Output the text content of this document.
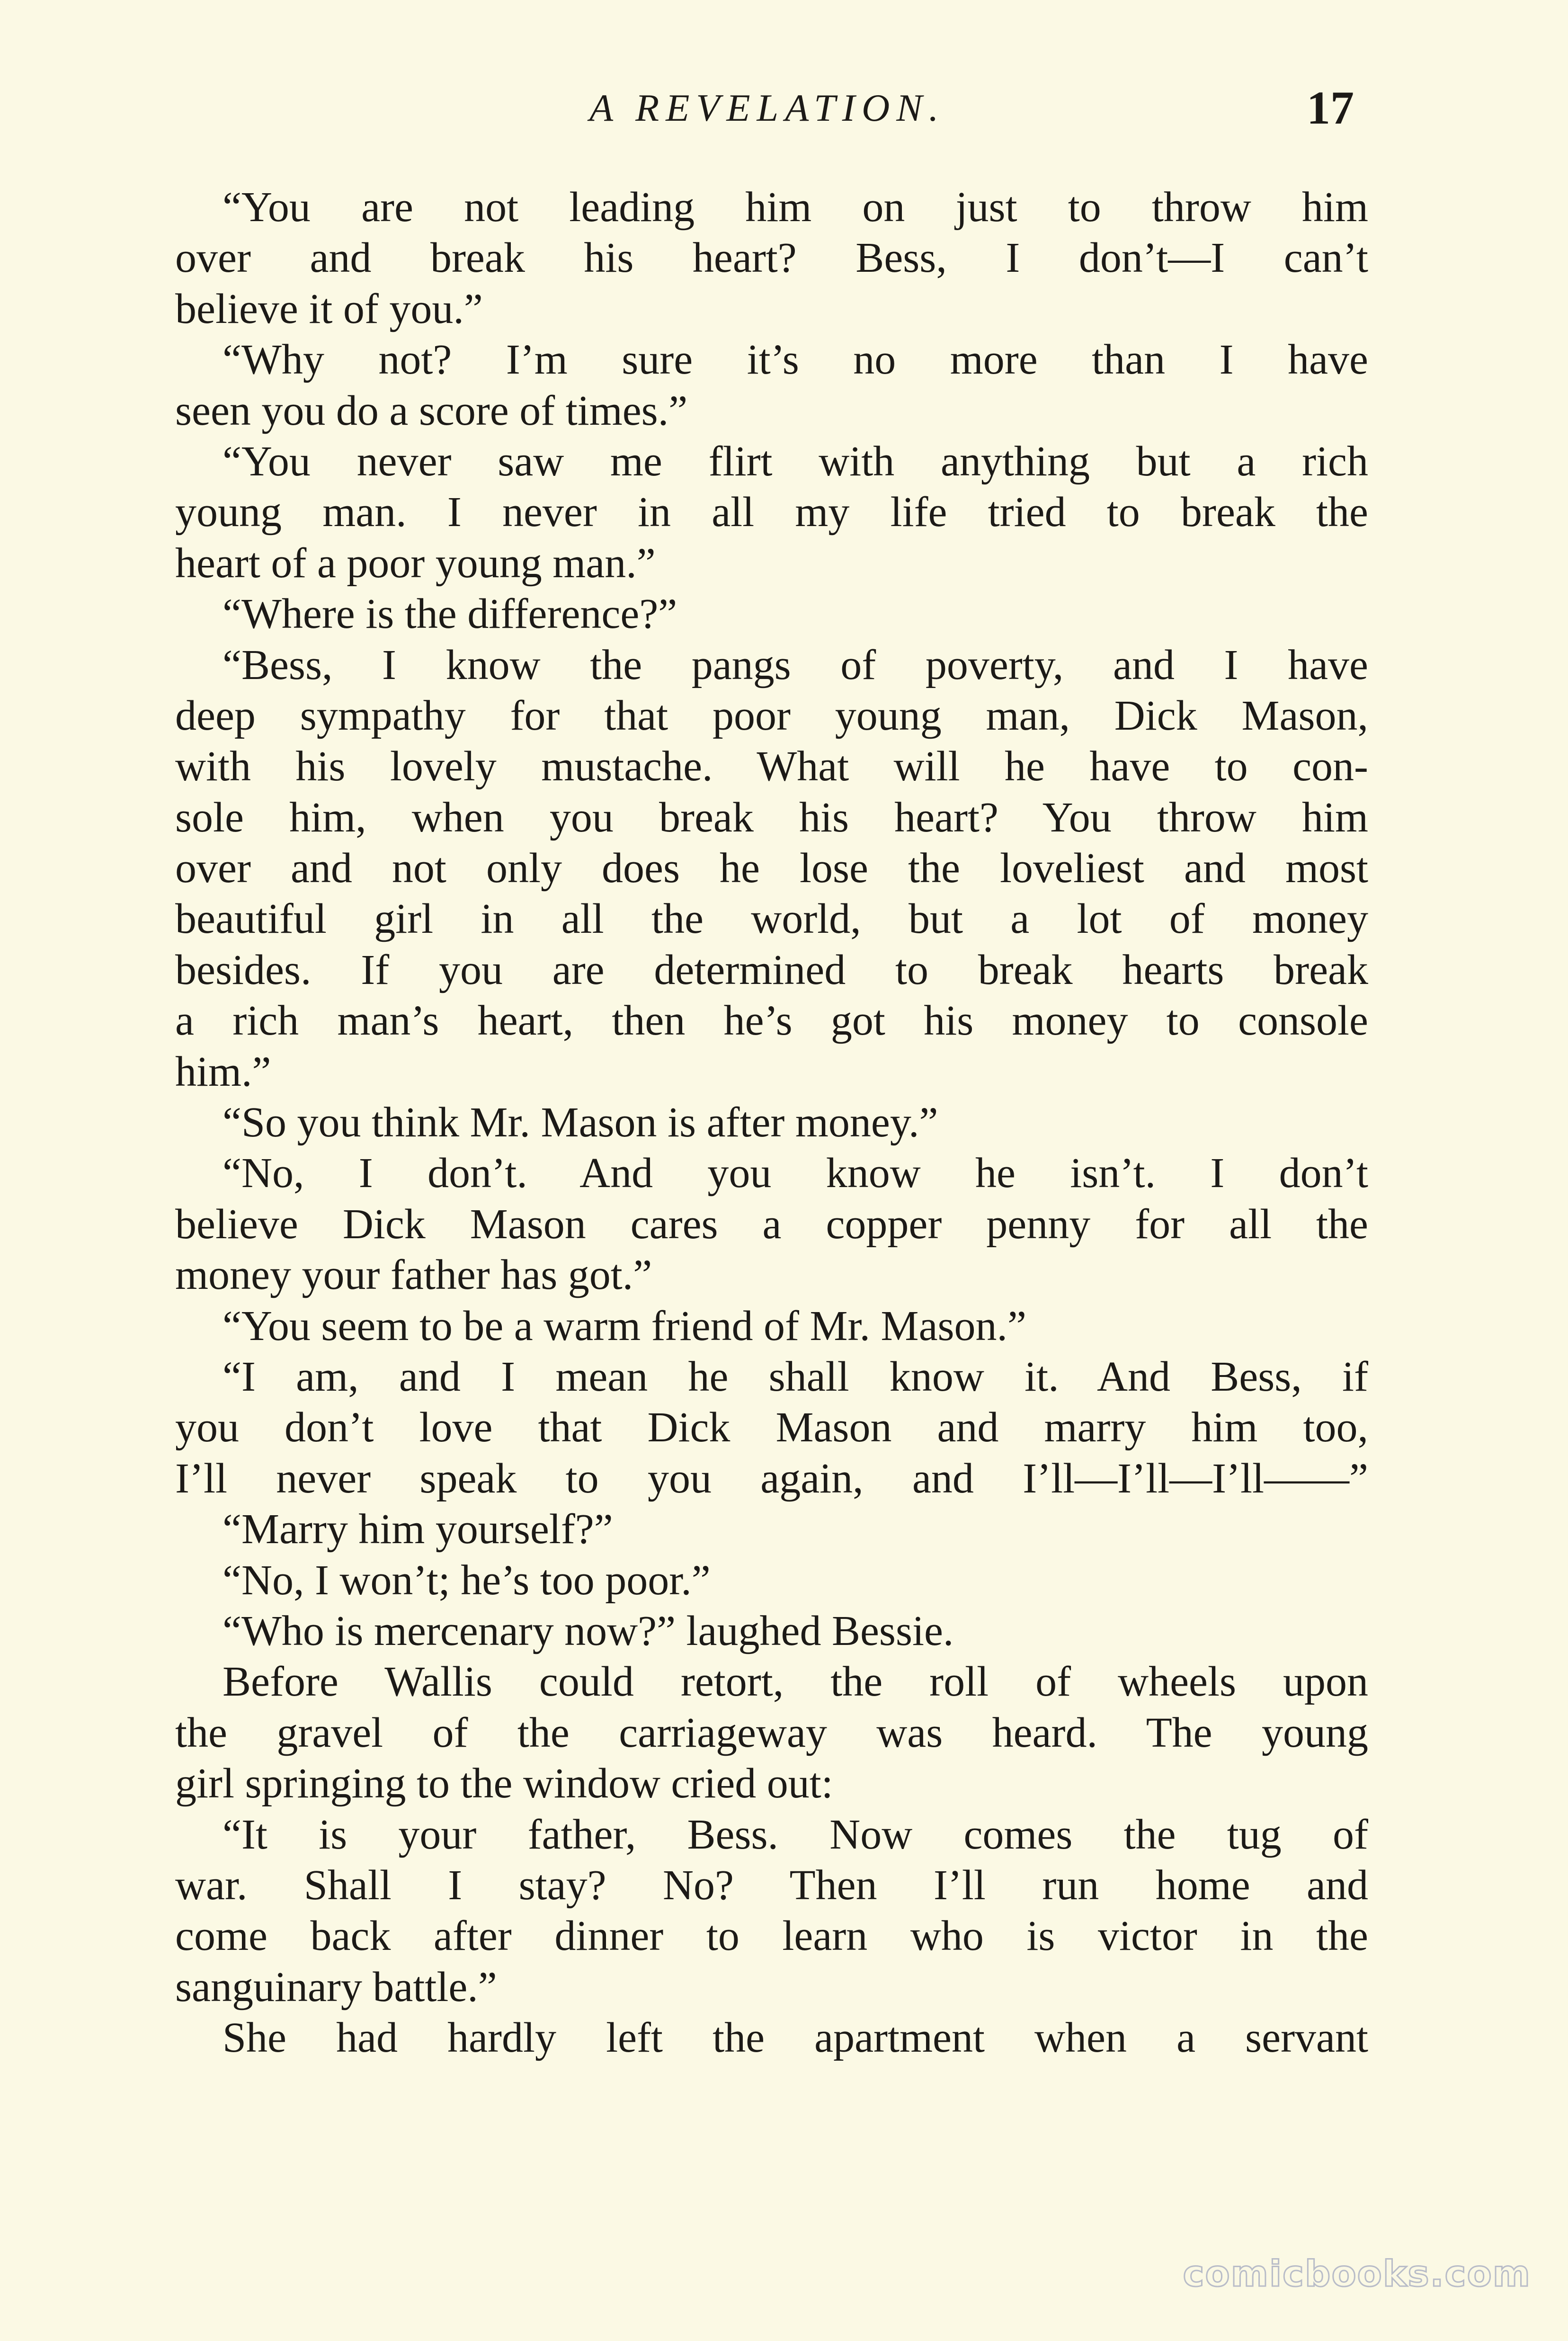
A REVELATION.	17
“You are not leading him on just to throw him
over and break his heart? Bess, I don’t—I can’t
believe it of you.”
“Why not? I’m sure it’s no more than I have
seen you do a score of times.”
“You never saw me flirt with anything but a rich
young man. I never in all my life tried to break the
heart of a poor young man.”
“Where is the difference?”
“Bess, I know the pangs of poverty, and I have
deep sympathy for that poor young man, Dick Mason,
with his lovely mustache. What will he have to con-
sole him, when you break his heart? You throw him
over and not only does he lose the loveliest and most
beautiful girl in all the world, but a lot of money
besides. If you are determined to break hearts break
a rich man’s heart, then he’s got his money to console
him.”
“So you think Mr. Mason is after money.”
“No, I don’t. And you know he isn’t. I don’t
believe Dick Mason cares a copper penny for all the
money your father has got.”
“You seem to be a warm friend of Mr. Mason.”
“I am, and I mean he shall know it. And Bess, if
you don’t love that Dick Mason and marry him too,
I’ll never speak to you again, and I’ll—I’ll—I’ll——”
“Marry him yourself?”
“No, I won’t; he’s too poor.”
“Who is mercenary now?” laughed Bessie.
Before Wallis could retort, the roll of wheels upon
the gravel of the carriageway was heard. The young
girl springing to the window cried out:
“It is your father, Bess. Now comes the tug of
war. Shall I stay? No? Then I’ll run home and
come back after dinner to learn who is victor in the
sanguinary battle.”
She had hardly left the apartment when a servant
comicbooks.com
